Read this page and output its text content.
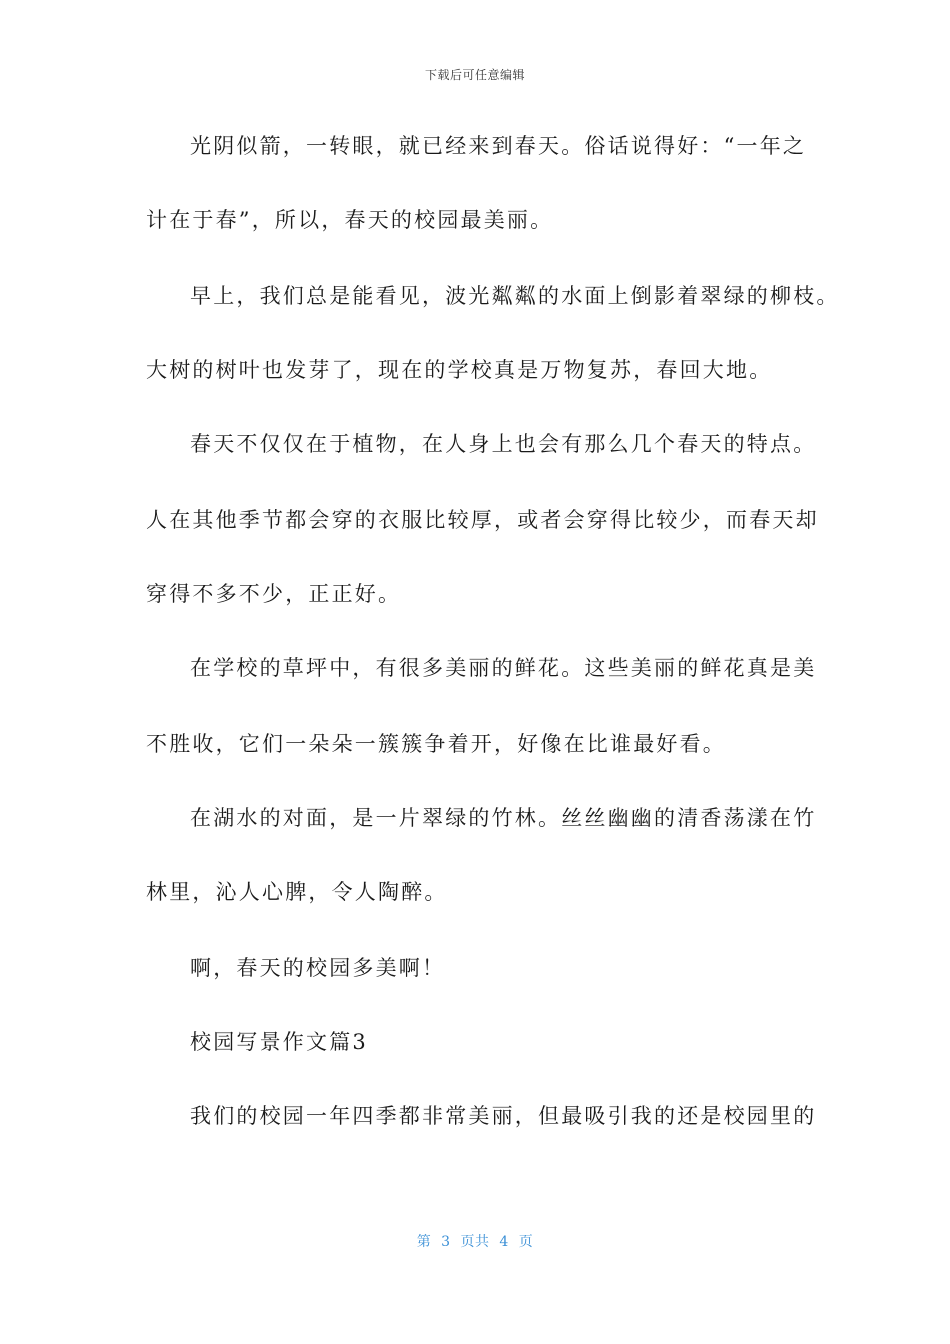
下载后可任意编辑
光阴似箭，一转眼，就已经来到春天。俗话说得好：“一年之
计在于春”，所以，春天的校园最美丽。
早上，我们总是能看见，波光粼粼的水面上倒影着翠绿的柳枝。
大树的树叶也发芽了，现在的学校真是万物复苏，春回大地。
春天不仅仅在于植物，在人身上也会有那么几个春天的特点。
人在其他季节都会穿的衣服比较厚，或者会穿得比较少，而春天却
穿得不多不少，正正好。
在学校的草坪中，有很多美丽的鲜花。这些美丽的鲜花真是美
不胜收，它们一朵朵一簇簇争着开，好像在比谁最好看。
在湖水的对面，是一片翠绿的竹林。丝丝幽幽的清香荡漾在竹
林里，沁人心脾，令人陶醉。
啊，春天的校园多美啊！
校园写景作文篇3
我们的校园一年四季都非常美丽，但最吸引我的还是校园里的
第  3  页共  4  页
